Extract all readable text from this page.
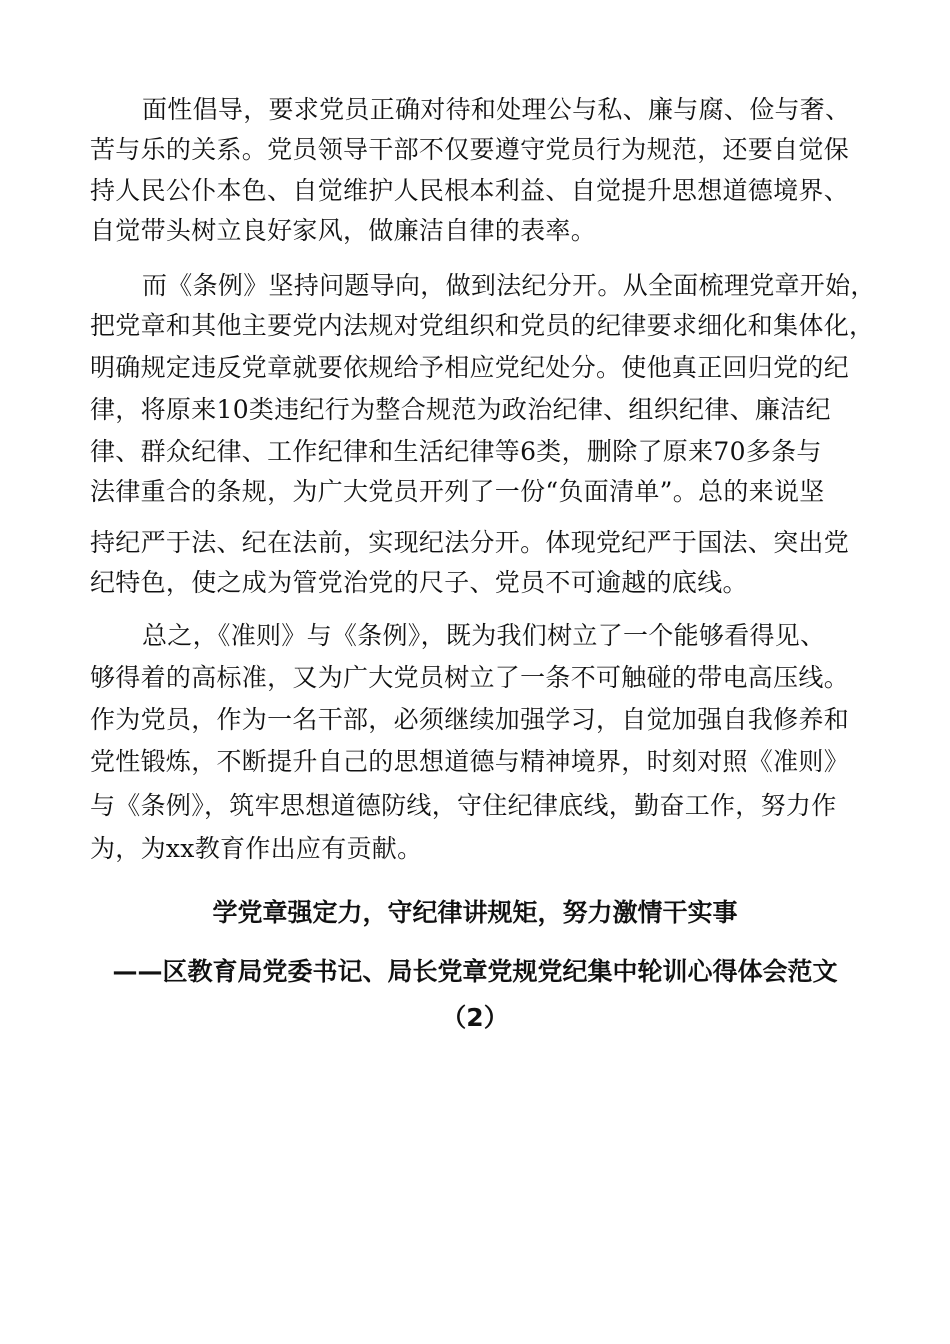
面性倡导，要求党员正确对待和处理公与私、廉与腐、俭与奢、
苦与乐的关系。党员领导干部不仅要遵守党员行为规范，还要自觉保
持人民公仆本色、自觉维护人民根本利益、自觉提升思想道德境界、
自觉带头树立良好家风，做廉洁自律的表率。
而《条例》坚持问题导向，做到法纪分开。从全面梳理党章开始，
把党章和其他主要党内法规对党组织和党员的纪律要求细化和集体化，
明确规定违反党章就要依规给予相应党纪处分。使他真正回归党的纪
律，将原来10类违纪行为整合规范为政治纪律、组织纪律、廉洁纪
律、群众纪律、工作纪律和生活纪律等6类，删除了原来70多条与
法律重合的条规，为广大党员开列了一份“负面清单”。总的来说坚
持纪严于法、纪在法前，实现纪法分开。体现党纪严于国法、突出党
纪特色，使之成为管党治党的尺子、党员不可逾越的底线。
总之，《准则》与《条例》，既为我们树立了一个能够看得见、
够得着的高标准，又为广大党员树立了一条不可触碰的带电高压线。
作为党员，作为一名干部，必须继续加强学习，自觉加强自我修养和
党性锻炼，不断提升自己的思想道德与精神境界，时刻对照《准则》
与《条例》，筑牢思想道德防线，守住纪律底线，勤奋工作，努力作
为，为xx教育作出应有贡献。
学党章强定力，守纪律讲规矩，努力激情干实事
——区教育局党委书记、局长党章党规党纪集中轮训心得体会范文
（2）
